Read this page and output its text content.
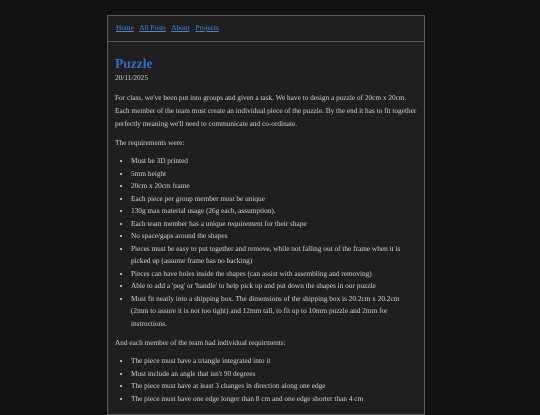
Home All Posts About Projects
Puzzle
20/11/2025

For class, we've been put into groups and given a task. We have to design a puzzle of 20cm x 20cm. Each member of the team must create an individual piece of the puzzle. By the end it has to fit together perfectly meaning we'll need to communicate and co-ordinate.

The requirements were:

• Must be 3D printed
• 5mm height
• 20cm x 20cm frame
• Each piece per group member must be unique
• 130g max material usage (26g each, assumption).
• Each team member has a unique requirement for their shape
• No space/gaps around the shapes
• Pieces must be easy to put together and remove, while not falling out of the frame when it is picked up (assume frame has no backing)
• Pieces can have holes inside the shapes (can assist with assembling and removing)
• Able to add a 'peg' or 'handle' to help pick up and put down the shapes in our puzzle
• Must fit neatly into a shipping box. The dimensions of the shipping box is 20.2cm x 20.2cm (2mm to assure it is not too tight) and 12mm tall, to fit up to 10mm puzzle and 2mm for instructions.

And each member of the team had individual requirments:

• The piece must have a triangle integrated into it
• Must include an angle that isn't 90 degrees
• The piece must have at least 3 changes in direction along one edge
• The piece must have one edge longer than 8 cm and one edge shorter than 4 cm
